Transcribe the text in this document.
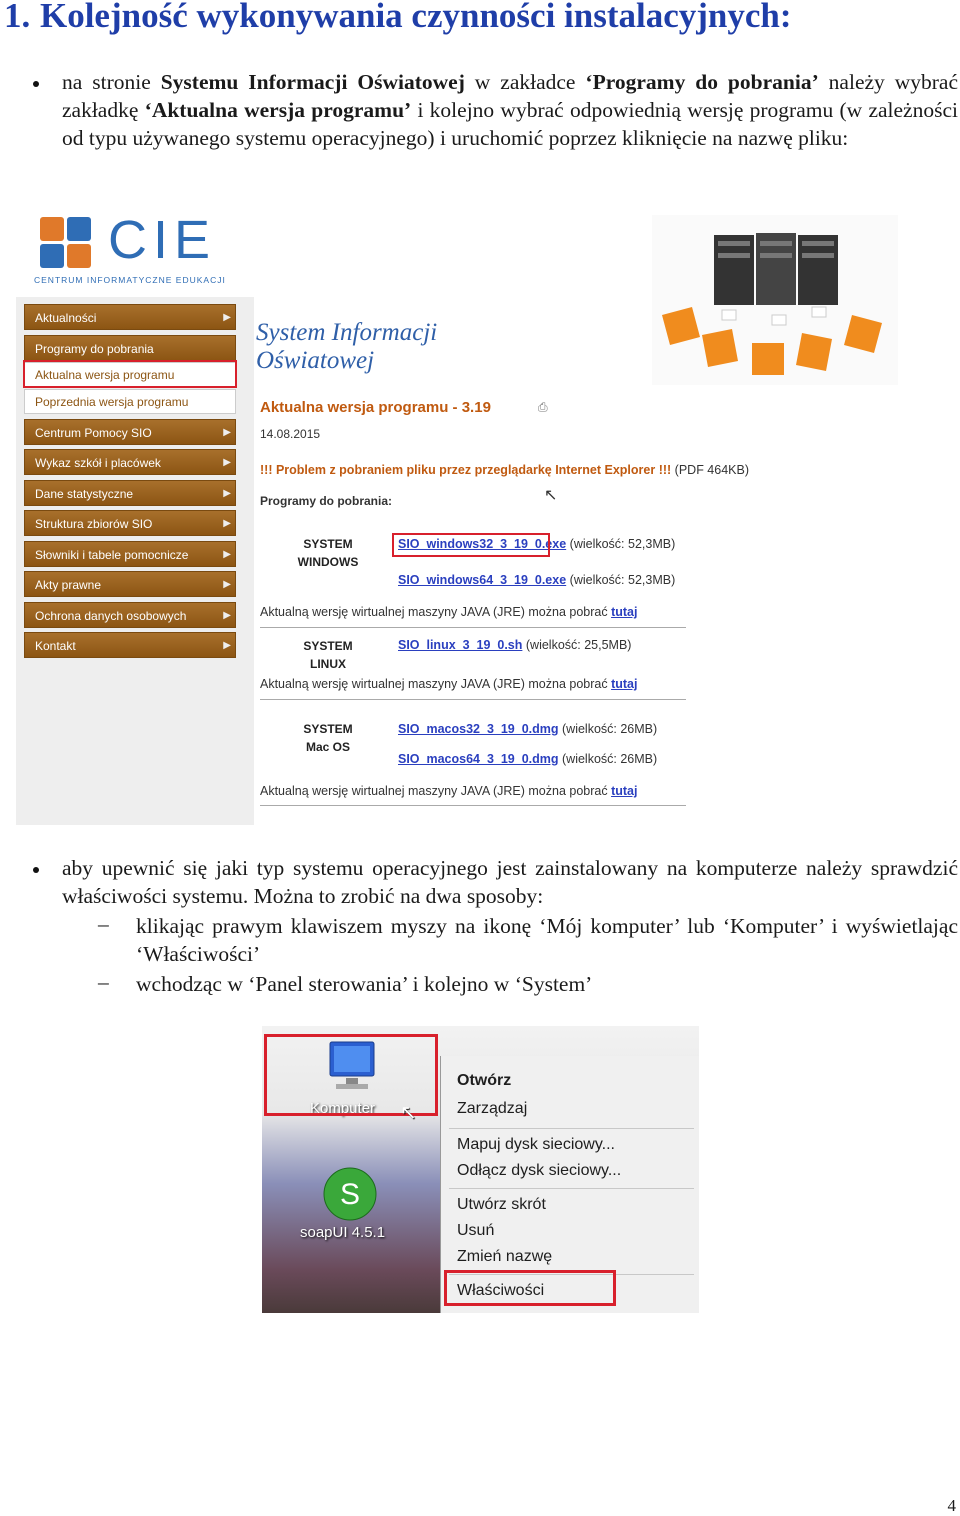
1. Kolejność wykonywania czynności instalacyjnych:

na stronie Systemu Informacji Oświatowej w zakładce ‘Programy do pobrania’ należy wybrać zakładkę ‘Aktualna wersja programu’ i kolejno wybrać odpowiednią wersję programu (w zależności od typu używanego systemu operacyjnego) i uruchomić poprzez kliknięcie na nazwę pliku:

CIE
CENTRUM INFORMATYCZNE EDUKACJI
System Informacji
Oświatowej
Aktualności	▶
Programy do pobrania
Aktualna wersja programu
Poprzednia wersja programu
Centrum Pomocy SIO	▶
Wykaz szkół i placówek	▶
Dane statystyczne	▶
Struktura zbiorów SIO	▶
Słowniki i tabele pomocnicze	▶
Akty prawne	▶
Ochrona danych osobowych	▶
Kontakt	▶
Aktualna wersja programu - 3.19	⎙
14.08.2015
!!! Problem z pobraniem pliku przez przeglądarkę Internet Explorer !!! (PDF 464KB)
↖
Programy do pobrania:
SYSTEM
WINDOWS
SIO_windows32_3_19_0.exe (wielkość: 52,3MB)
SIO_windows64_3_19_0.exe (wielkość: 52,3MB)
Aktualną wersję wirtualnej maszyny JAVA (JRE) można pobrać tutaj
SYSTEM
LINUX
SIO_linux_3_19_0.sh (wielkość: 25,5MB)
Aktualną wersję wirtualnej maszyny JAVA (JRE) można pobrać tutaj
SYSTEM
Mac OS
SIO_macos32_3_19_0.dmg (wielkość: 26MB)
SIO_macos64_3_19_0.dmg (wielkość: 26MB)
Aktualną wersję wirtualnej maszyny JAVA (JRE) można pobrać tutaj

aby upewnić się jaki typ systemu operacyjnego jest zainstalowany na komputerze należy sprawdzić właściwości systemu. Można to zrobić na dwa sposoby:

– klikając prawym klawiszem myszy na ikonę ‘Mój komputer’ lub ‘Komputer’ i wyświetlając ‘Właściwości’

– wchodząc w ‘Panel sterowania’ i kolejno w ‘System’

Komputer ↖
S
soapUI 4.5.1
Otwórz
Zarządzaj
Mapuj dysk sieciowy...
Odłącz dysk sieciowy...
Utwórz skrót
Usuń
Zmień nazwę
Właściwości
4
